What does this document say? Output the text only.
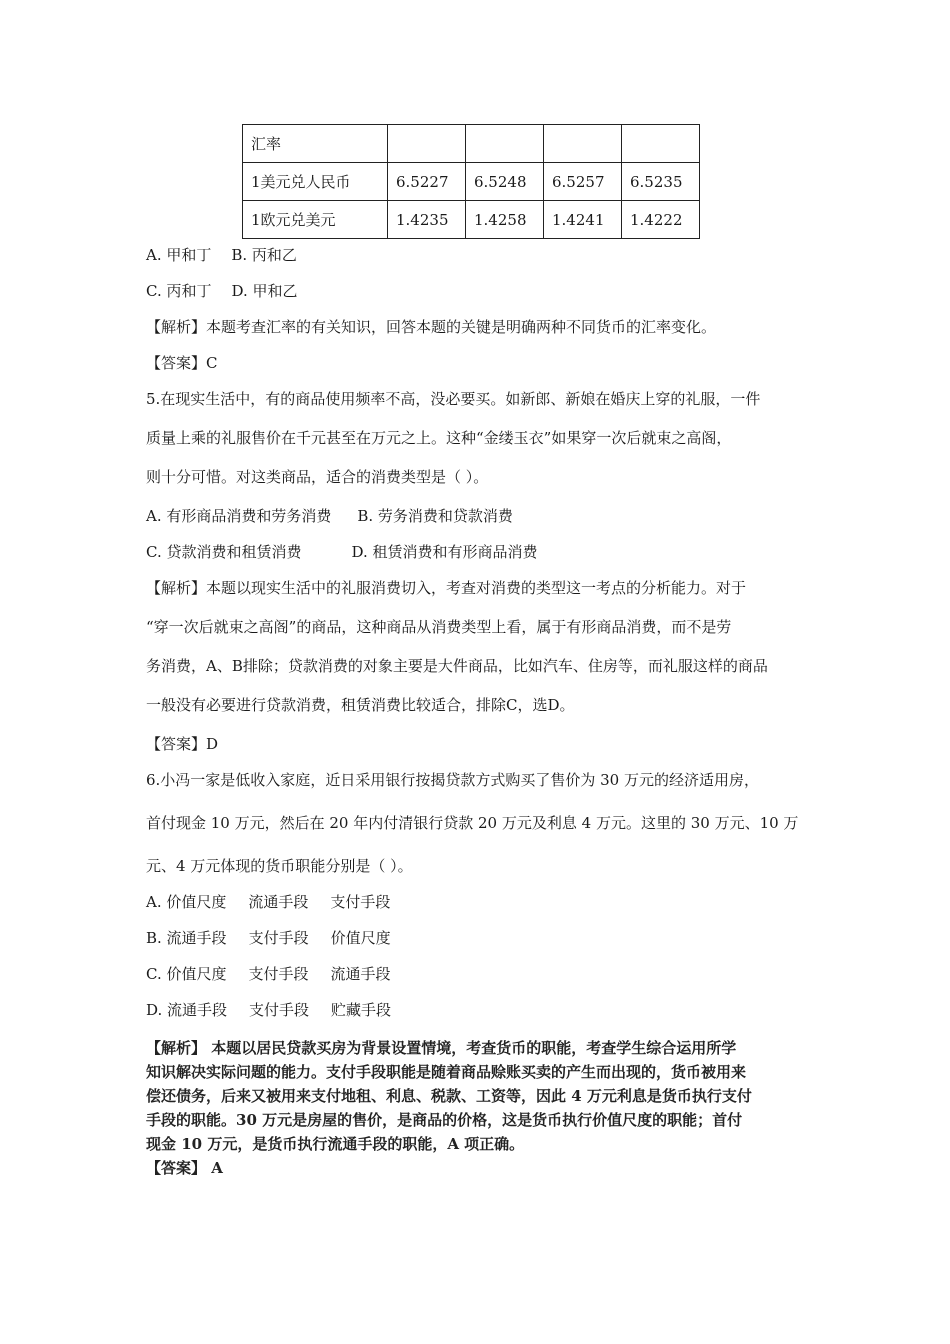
汇率				
1美元兑人民币	6.5227	6.5248	6.5257	6.5235
1欧元兑美元	1.4235	1.4258	1.4241	1.4222
A. 甲和丁 B. 丙和乙
C. 丙和丁 D. 甲和乙
【解析】本题考查汇率的有关知识，回答本题的关键是明确两种不同货币的汇率变化。
【答案】C
5.在现实生活中，有的商品使用频率不高，没必要买。如新郎、新娘在婚庆上穿的礼服，一件
质量上乘的礼服售价在千元甚至在万元之上。这种“金缕玉衣”如果穿一次后就束之高阁，
则十分可惜。对这类商品，适合的消费类型是（ ）。
A. 有形商品消费和劳务消费 B. 劳务消费和贷款消费
C. 贷款消费和租赁消费	D. 租赁消费和有形商品消费
【解析】本题以现实生活中的礼服消费切入，考查对消费的类型这一考点的分析能力。对于
“穿一次后就束之高阁”的商品，这种商品从消费类型上看，属于有形商品消费，而不是劳
务消费，A、B排除；贷款消费的对象主要是大件商品，比如汽车、住房等，而礼服这样的商品
一般没有必要进行贷款消费，租赁消费比较适合，排除C，选D。
【答案】D
6.小冯一家是低收入家庭，近日采用银行按揭贷款方式购买了售价为 30 万元的经济适用房，
首付现金 10 万元，然后在 20 年内付清银行贷款 20 万元及利息 4 万元。这里的 30 万元、10 万
元、4 万元体现的货币职能分别是（ ）。
A. 价值尺度 流通手段 支付手段
B. 流通手段 支付手段 价值尺度
C. 价值尺度 支付手段 流通手段
D. 流通手段 支付手段 贮藏手段
【解析】 本题以居民贷款买房为背景设置情境，考查货币的职能，考查学生综合运用所学
知识解决实际问题的能力。支付手段职能是随着商品赊账买卖的产生而出现的，货币被用来
偿还债务，后来又被用来支付地租、利息、税款、工资等，因此 4 万元利息是货币执行支付
手段的职能。30 万元是房屋的售价，是商品的价格，这是货币执行价值尺度的职能；首付
现金 10 万元，是货币执行流通手段的职能，A 项正确。
【答案】 A
